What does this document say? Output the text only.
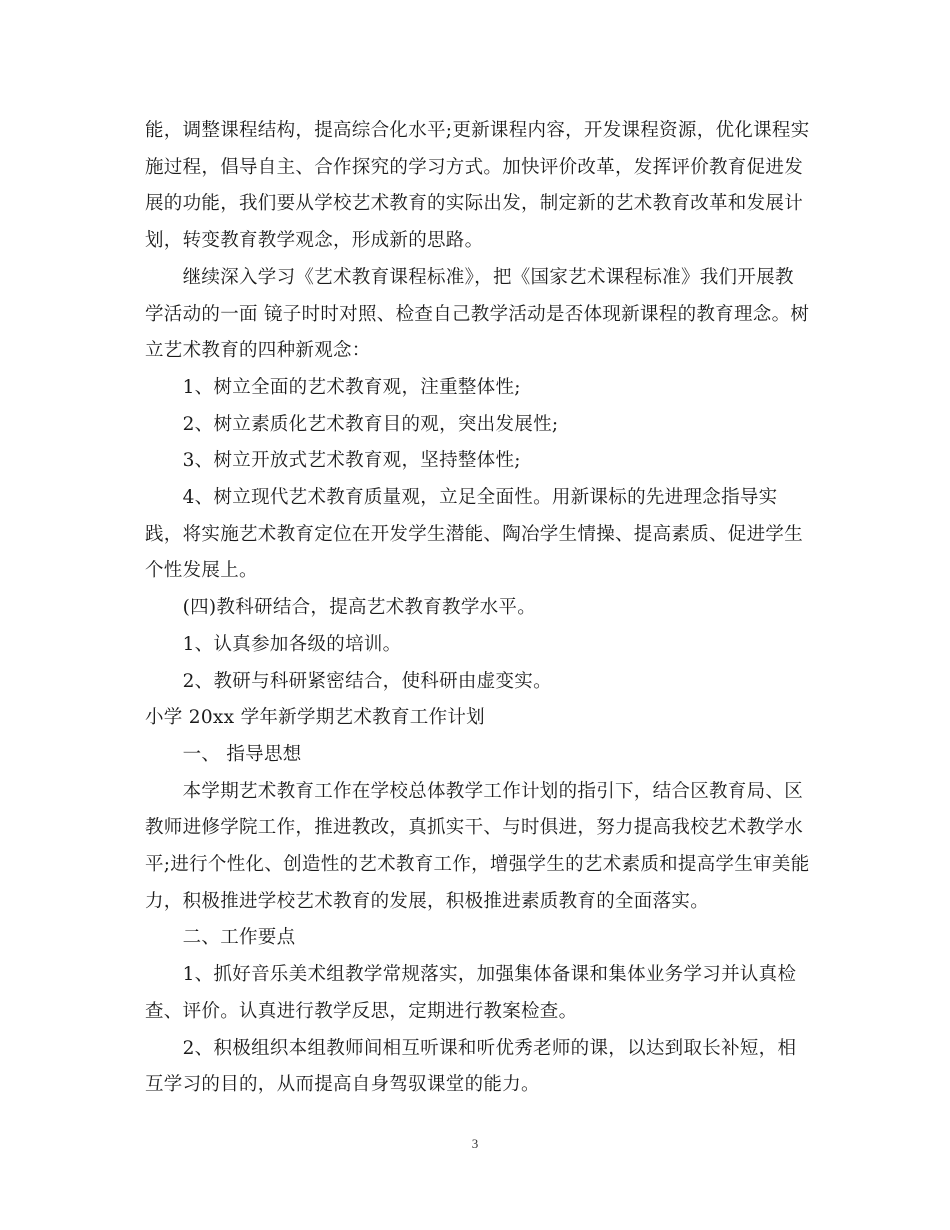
能，调整课程结构，提高综合化水平;更新课程内容，开发课程资源，优化课程实施过程，倡导自主、合作探究的学习方式。加快评价改革，发挥评价教育促进发展的功能，我们要从学校艺术教育的实际出发，制定新的艺术教育改革和发展计划，转变教育教学观念，形成新的思路。

　　继续深入学习《艺术教育课程标准》，把《国家艺术课程标准》我们开展教学活动的一面 镜子时时对照、检查自己教学活动是否体现新课程的教育理念。树立艺术教育的四种新观念：

　　1、树立全面的艺术教育观，注重整体性;

　　2、树立素质化艺术教育目的观，突出发展性;

　　3、树立开放式艺术教育观，坚持整体性;

　　4、树立现代艺术教育质量观，立足全面性。用新课标的先进理念指导实践，将实施艺术教育定位在开发学生潜能、陶冶学生情操、提高素质、促进学生个性发展上。

　　(四)教科研结合，提高艺术教育教学水平。

　　1、认真参加各级的培训。

　　2、教研与科研紧密结合，使科研由虚变实。

小学 20xx 学年新学期艺术教育工作计划

　　一、 指导思想

　　本学期艺术教育工作在学校总体教学工作计划的指引下，结合区教育局、区教师进修学院工作，推进教改，真抓实干、与时俱进，努力提高我校艺术教学水平;进行个性化、创造性的艺术教育工作，增强学生的艺术素质和提高学生审美能力，积极推进学校艺术教育的发展，积极推进素质教育的全面落实。

　　二、工作要点

　　1、抓好音乐美术组教学常规落实，加强集体备课和集体业务学习并认真检查、评价。认真进行教学反思，定期进行教案检查。

　　2、积极组织本组教师间相互听课和听优秀老师的课，以达到取长补短，相互学习的目的，从而提高自身驾驭课堂的能力。

3
